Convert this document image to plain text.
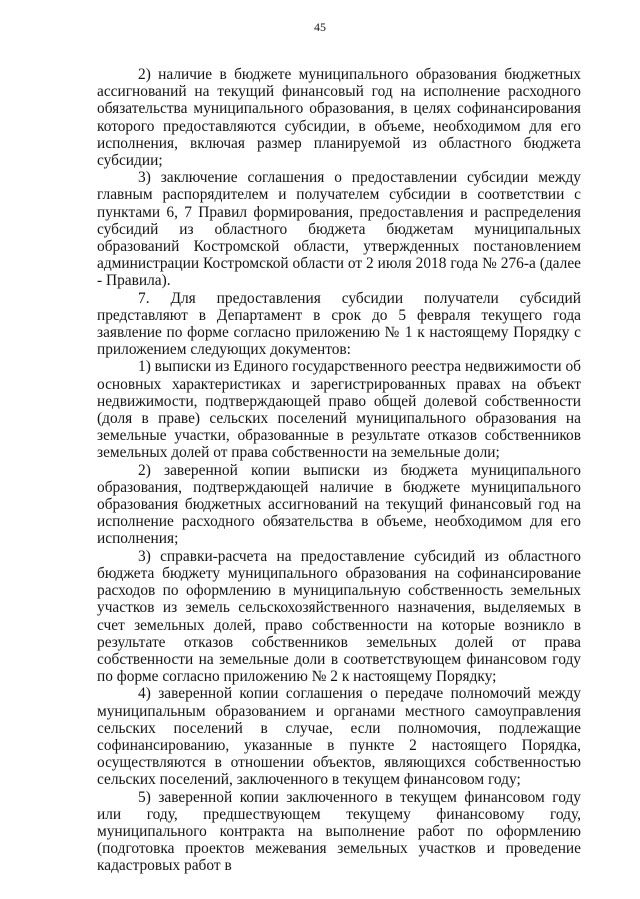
45

2) наличие в бюджете муниципального образования бюджетных ассигнований на текущий финансовый год на исполнение расходного обязательства муниципального образования, в целях софинансирования которого предоставляются субсидии, в объеме, необходимом для его исполнения, включая размер планируемой из областного бюджета субсидии;

3) заключение соглашения о предоставлении субсидии между главным распорядителем и получателем субсидии в соответствии с пунктами 6, 7 Правил формирования, предоставления и распределения субсидий из областного бюджета бюджетам муниципальных образований Костромской области, утвержденных постановлением администрации Костромской области от 2 июля 2018 года № 276-а (далее - Правила).

7. Для предоставления субсидии получатели субсидий представляют в Департамент в срок до 5 февраля текущего года заявление по форме согласно приложению № 1 к настоящему Порядку с приложением следующих документов:

1) выписки из Единого государственного реестра недвижимости об основных характеристиках и зарегистрированных правах на объект недвижимости, подтверждающей право общей долевой собственности (доля в праве) сельских поселений муниципального образования на земельные участки, образованные в результате отказов собственников земельных долей от права собственности на земельные доли;

2) заверенной копии выписки из бюджета муниципального образования, подтверждающей наличие в бюджете муниципального образования бюджетных ассигнований на текущий финансовый год на исполнение расходного обязательства в объеме, необходимом для его исполнения;

3) справки-расчета на предоставление субсидий из областного бюджета бюджету муниципального образования на софинансирование расходов по оформлению в муниципальную собственность земельных участков из земель сельскохозяйственного назначения, выделяемых в счет земельных долей, право собственности на которые возникло в результате отказов собственников земельных долей от права собственности на земельные доли в соответствующем финансовом году по форме согласно приложению № 2 к настоящему Порядку;

4) заверенной копии соглашения о передаче полномочий между муниципальным образованием и органами местного самоуправления сельских поселений в случае, если полномочия, подлежащие софинансированию, указанные в пункте 2 настоящего Порядка, осуществляются в отношении объектов, являющихся собственностью сельских поселений, заключенного в текущем финансовом году;

5) заверенной копии заключенного в текущем финансовом году или году, предшествующем текущему финансовому году, муниципального контракта на выполнение работ по оформлению (подготовка проектов межевания земельных участков и проведение кадастровых работ в
